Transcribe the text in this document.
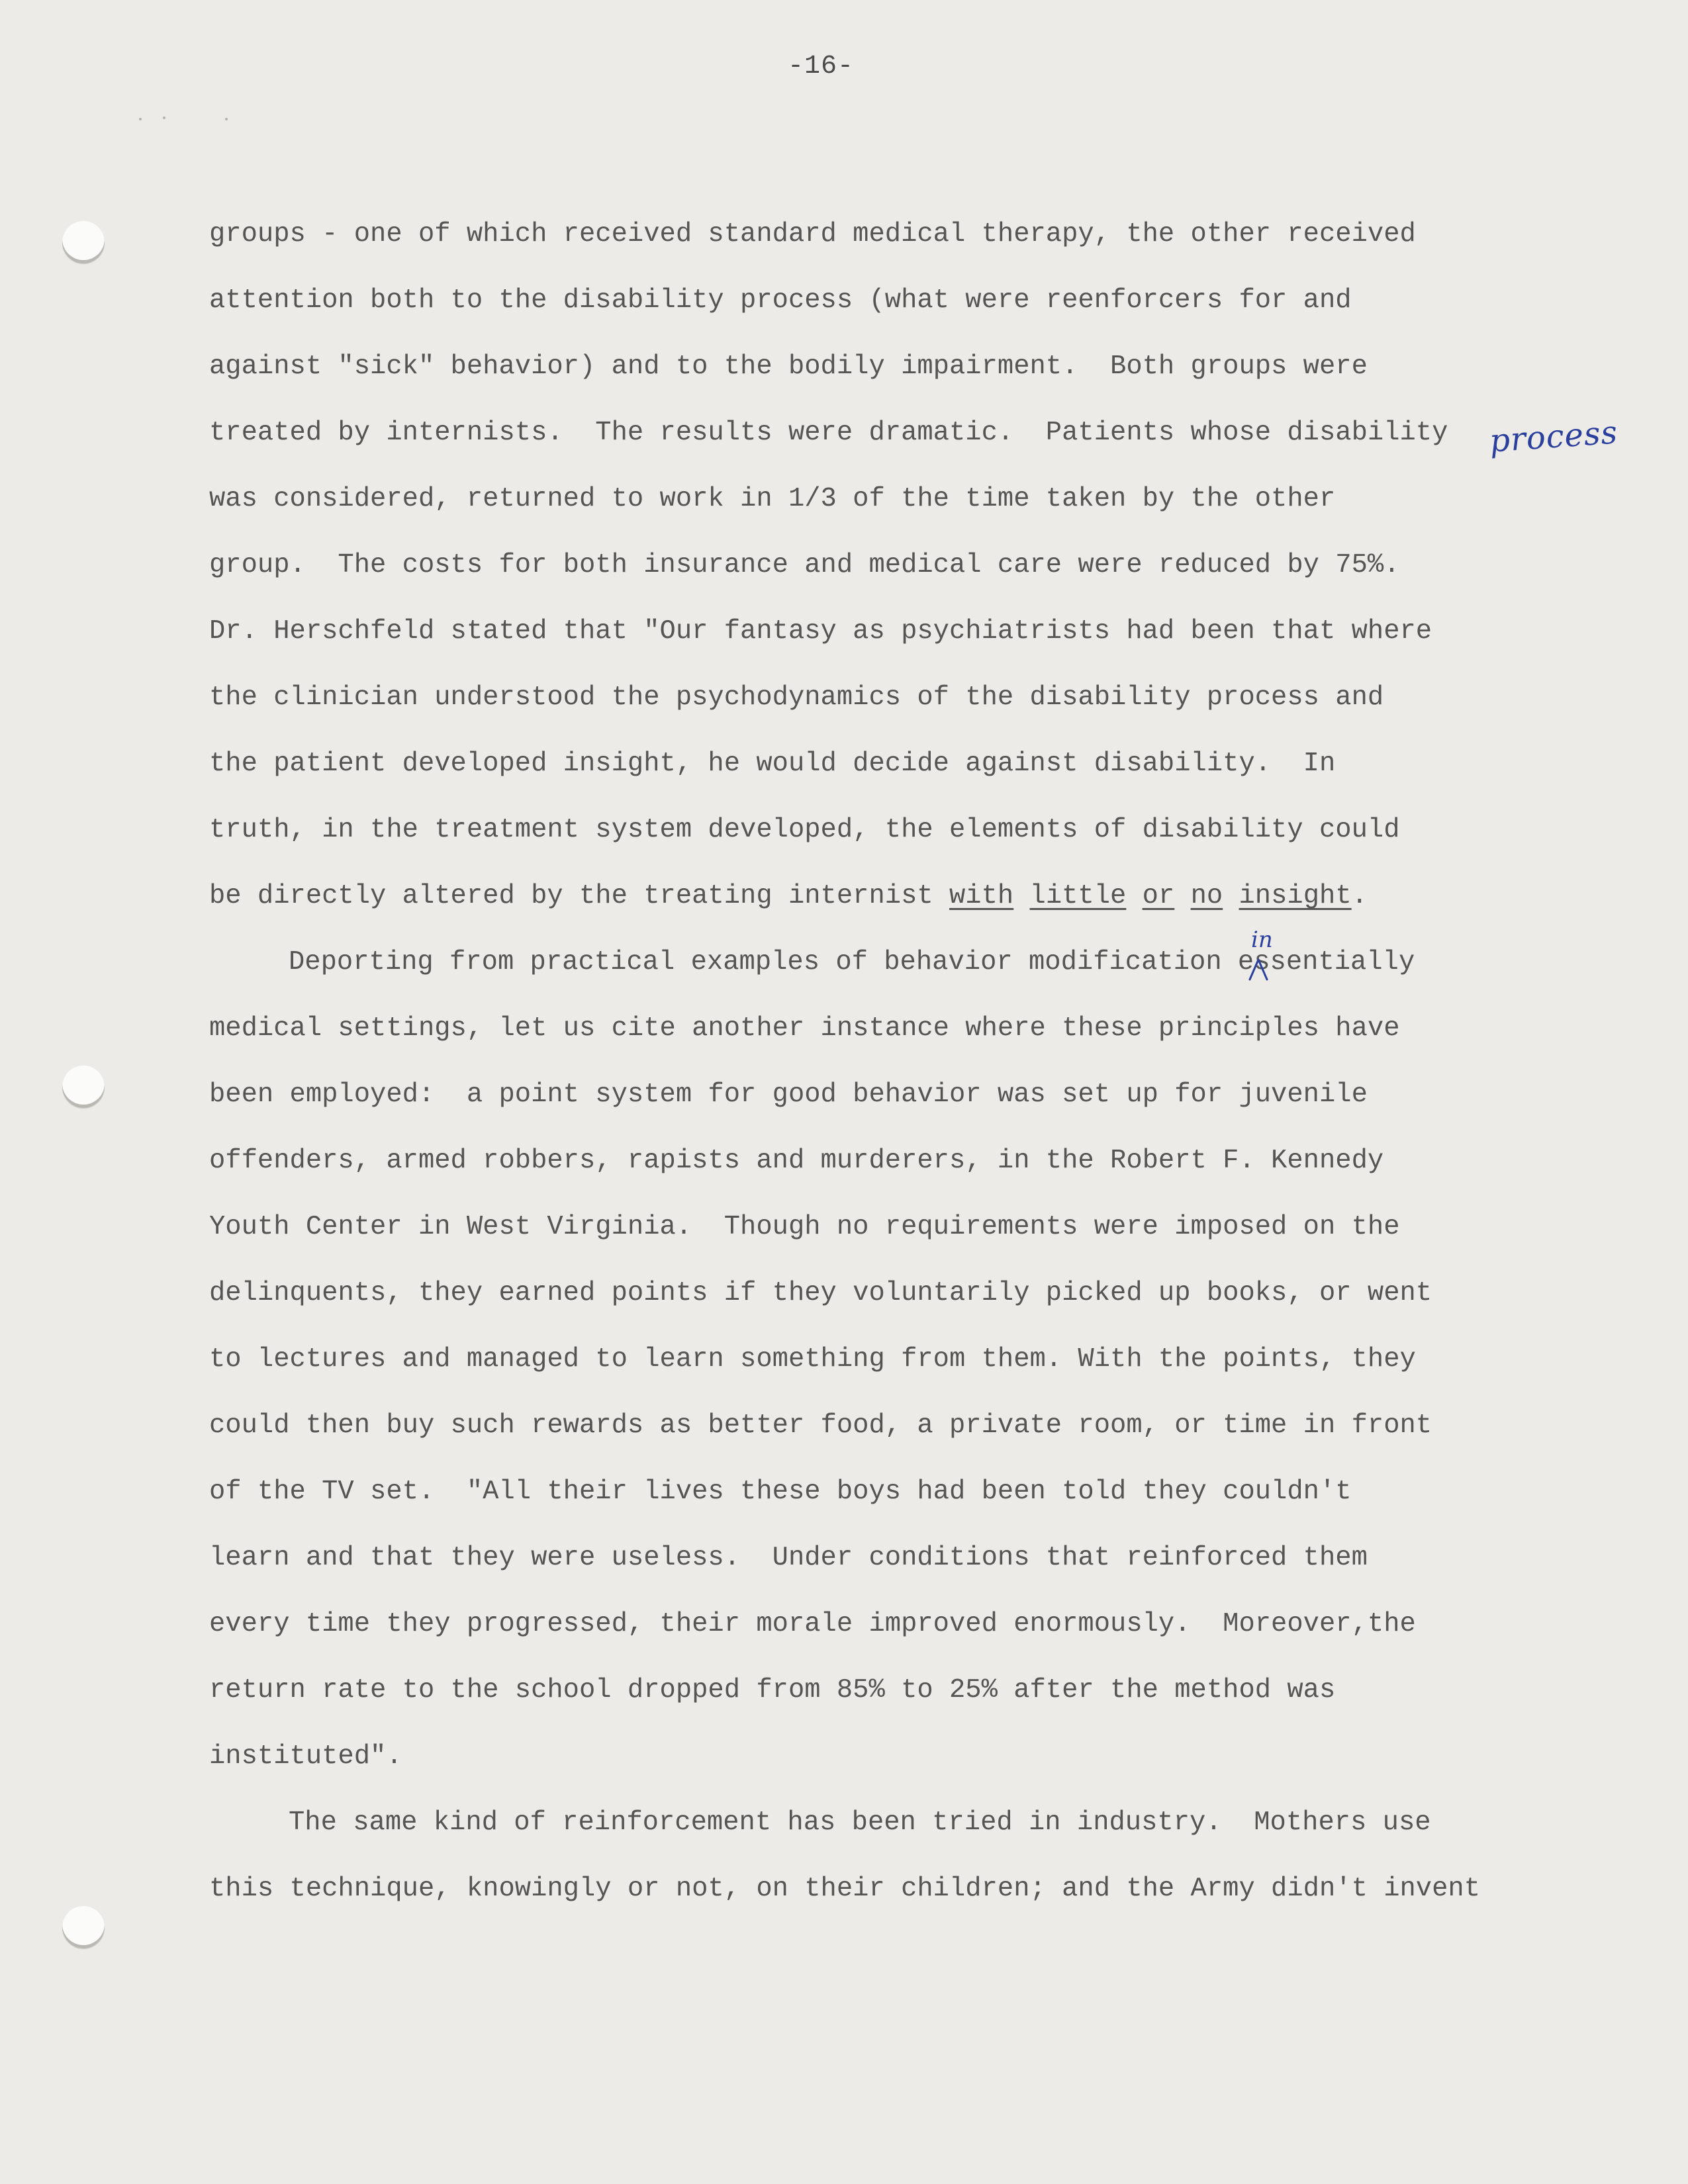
-16-
groups - one of which received standard medical therapy, the other received
attention both to the disability process (what were reenforcers for and
against "sick" behavior) and to the bodily impairment.  Both groups were
treated by internists.  The results were dramatic.  Patients whose disability
was considered, returned to work in 1/3 of the time taken by the other
group.  The costs for both insurance and medical care were reduced by 75%.
Dr. Herschfeld stated that "Our fantasy as psychiatrists had been that where
the clinician understood the psychodynamics of the disability process and
the patient developed insight, he would decide against disability.  In
truth, in the treatment system developed, the elements of disability could
be directly altered by the treating internist with little or no insight.
Deporting from practical examples of behavior modification essentially
medical settings, let us cite another instance where these principles have
been employed:  a point system for good behavior was set up for juvenile
offenders, armed robbers, rapists and murderers, in the Robert F. Kennedy
Youth Center in West Virginia.  Though no requirements were imposed on the
delinquents, they earned points if they voluntarily picked up books, or went
to lectures and managed to learn something from them. With the points, they
could then buy such rewards as better food, a private room, or time in front
of the TV set.  "All their lives these boys had been told they couldn't
learn and that they were useless.  Under conditions that reinforced them
every time they progressed, their morale improved enormously.  Moreover,the
return rate to the school dropped from 85% to 25% after the method was
instituted".
The same kind of reinforcement has been tried in industry.  Mothers use
this technique, knowingly or not, on their children; and the Army didn't invent
process
in
